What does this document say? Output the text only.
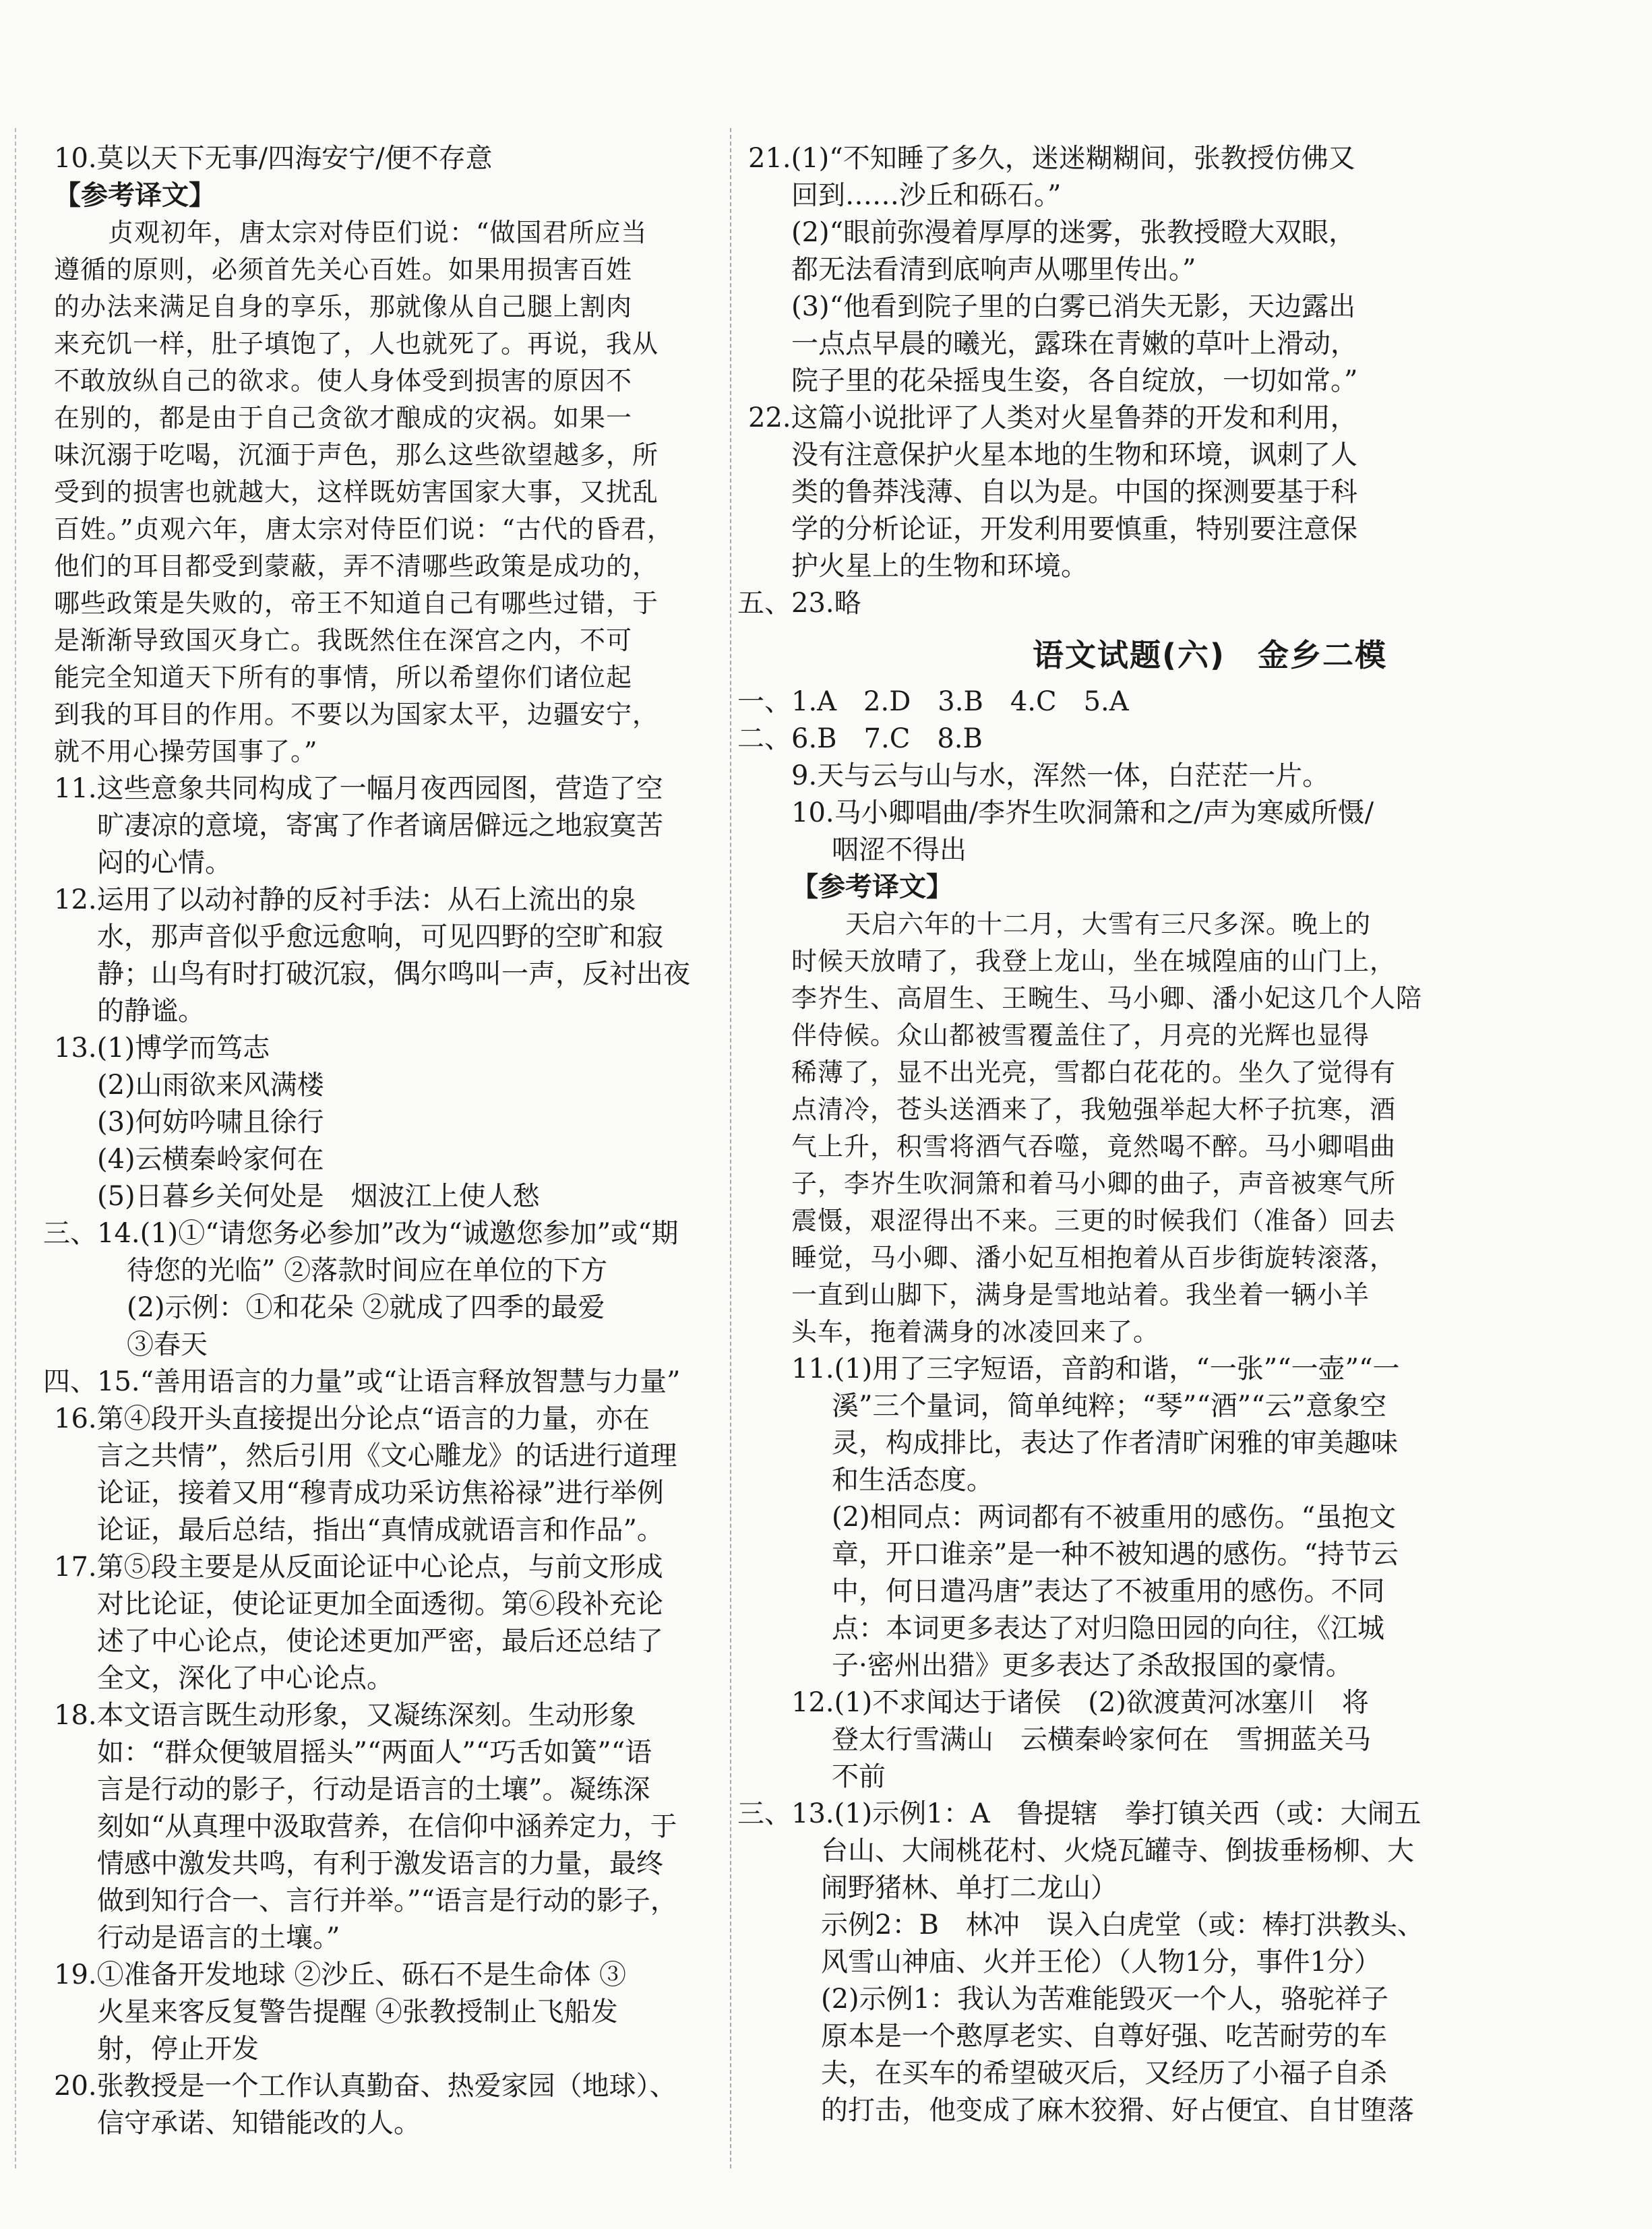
10.莫以天下无事/四海安宁/便不存意
【参考译文】
贞观初年，唐太宗对侍臣们说：“做国君所应当
遵循的原则，必须首先关心百姓。如果用损害百姓
的办法来满足自身的享乐，那就像从自己腿上割肉
来充饥一样，肚子填饱了，人也就死了。再说，我从
不敢放纵自己的欲求。使人身体受到损害的原因不
在别的，都是由于自己贪欲才酿成的灾祸。如果一
味沉溺于吃喝，沉湎于声色，那么这些欲望越多，所
受到的损害也就越大，这样既妨害国家大事，又扰乱
百姓。”贞观六年，唐太宗对侍臣们说：“古代的昏君，
他们的耳目都受到蒙蔽，弄不清哪些政策是成功的，
哪些政策是失败的，帝王不知道自己有哪些过错，于
是渐渐导致国灭身亡。我既然住在深宫之内，不可
能完全知道天下所有的事情，所以希望你们诸位起
到我的耳目的作用。不要以为国家太平，边疆安宁，
就不用心操劳国事了。”
11.这些意象共同构成了一幅月夜西园图，营造了空
旷凄凉的意境，寄寓了作者谪居僻远之地寂寞苦
闷的心情。
12.运用了以动衬静的反衬手法：从石上流出的泉
水，那声音似乎愈远愈响，可见四野的空旷和寂
静；山鸟有时打破沉寂，偶尔鸣叫一声，反衬出夜
的静谧。
13.(1)博学而笃志
(2)山雨欲来风满楼
(3)何妨吟啸且徐行
(4)云横秦岭家何在
(5)日暮乡关何处是 烟波江上使人愁
三、14.(1)①“请您务必参加”改为“诚邀您参加”或“期
待您的光临” ②落款时间应在单位的下方
(2)示例：①和花朵 ②就成了四季的最爱
③春天
四、15.“善用语言的力量”或“让语言释放智慧与力量”
16.第④段开头直接提出分论点“语言的力量，亦在
言之共情”，然后引用《文心雕龙》的话进行道理
论证，接着又用“穆青成功采访焦裕禄”进行举例
论证，最后总结，指出“真情成就语言和作品”。
17.第⑤段主要是从反面论证中心论点，与前文形成
对比论证，使论证更加全面透彻。第⑥段补充论
述了中心论点，使论述更加严密，最后还总结了
全文，深化了中心论点。
18.本文语言既生动形象，又凝练深刻。生动形象
如：“群众便皱眉摇头”“两面人”“巧舌如簧”“语
言是行动的影子，行动是语言的土壤”。凝练深
刻如“从真理中汲取营养，在信仰中涵养定力，于
情感中激发共鸣，有利于激发语言的力量，最终
做到知行合一、言行并举。”“语言是行动的影子，
行动是语言的土壤。”
19.①准备开发地球 ②沙丘、砾石不是生命体 ③
火星来客反复警告提醒 ④张教授制止飞船发
射，停止开发
20.张教授是一个工作认真勤奋、热爱家园（地球）、
信守承诺、知错能改的人。
21.(1)“不知睡了多久，迷迷糊糊间，张教授仿佛又
回到……沙丘和砾石。”
(2)“眼前弥漫着厚厚的迷雾，张教授瞪大双眼，
都无法看清到底响声从哪里传出。”
(3)“他看到院子里的白雾已消失无影，天边露出
一点点早晨的曦光，露珠在青嫩的草叶上滑动，
院子里的花朵摇曳生姿，各自绽放，一切如常。”
22.这篇小说批评了人类对火星鲁莽的开发和利用，
没有注意保护火星本地的生物和环境，讽刺了人
类的鲁莽浅薄、自以为是。中国的探测要基于科
学的分析论证，开发利用要慎重，特别要注意保
护火星上的生物和环境。
五、23.略
语文试题(六)　金乡二模
一、1.A　2.D　3.B　4.C　5.A
二、6.B　7.C　8.B
9.天与云与山与水，浑然一体，白茫茫一片。
10.马小卿唱曲/李岕生吹洞箫和之/声为寒威所慑/
咽涩不得出
【参考译文】
天启六年的十二月，大雪有三尺多深。晚上的
时候天放晴了，我登上龙山，坐在城隍庙的山门上，
李岕生、高眉生、王畹生、马小卿、潘小妃这几个人陪
伴侍候。众山都被雪覆盖住了，月亮的光辉也显得
稀薄了，显不出光亮，雪都白花花的。坐久了觉得有
点清冷，苍头送酒来了，我勉强举起大杯子抗寒，酒
气上升，积雪将酒气吞噬，竟然喝不醉。马小卿唱曲
子，李岕生吹洞箫和着马小卿的曲子，声音被寒气所
震慑，艰涩得出不来。三更的时候我们（准备）回去
睡觉，马小卿、潘小妃互相抱着从百步街旋转滚落，
一直到山脚下，满身是雪地站着。我坐着一辆小羊
头车，拖着满身的冰凌回来了。
11.(1)用了三字短语，音韵和谐，“一张”“一壶”“一
溪”三个量词，简单纯粹；“琴”“酒”“云”意象空
灵，构成排比，表达了作者清旷闲雅的审美趣味
和生活态度。
(2)相同点：两词都有不被重用的感伤。“虽抱文
章，开口谁亲”是一种不被知遇的感伤。“持节云
中，何日遣冯唐”表达了不被重用的感伤。不同
点：本词更多表达了对归隐田园的向往，《江城
子·密州出猎》更多表达了杀敌报国的豪情。
12.(1)不求闻达于诸侯　(2)欲渡黄河冰塞川　将
登太行雪满山　云横秦岭家何在　雪拥蓝关马
不前
三、13.(1)示例1：A　鲁提辖　拳打镇关西（或：大闹五
台山、大闹桃花村、火烧瓦罐寺、倒拔垂杨柳、大
闹野猪林、单打二龙山）
示例2：B　林冲　误入白虎堂（或：棒打洪教头、
风雪山神庙、火并王伦）（人物1分，事件1分）
(2)示例1：我认为苦难能毁灭一个人，骆驼祥子
原本是一个憨厚老实、自尊好强、吃苦耐劳的车
夫，在买车的希望破灭后，又经历了小福子自杀
的打击，他变成了麻木狡猾、好占便宜、自甘堕落
